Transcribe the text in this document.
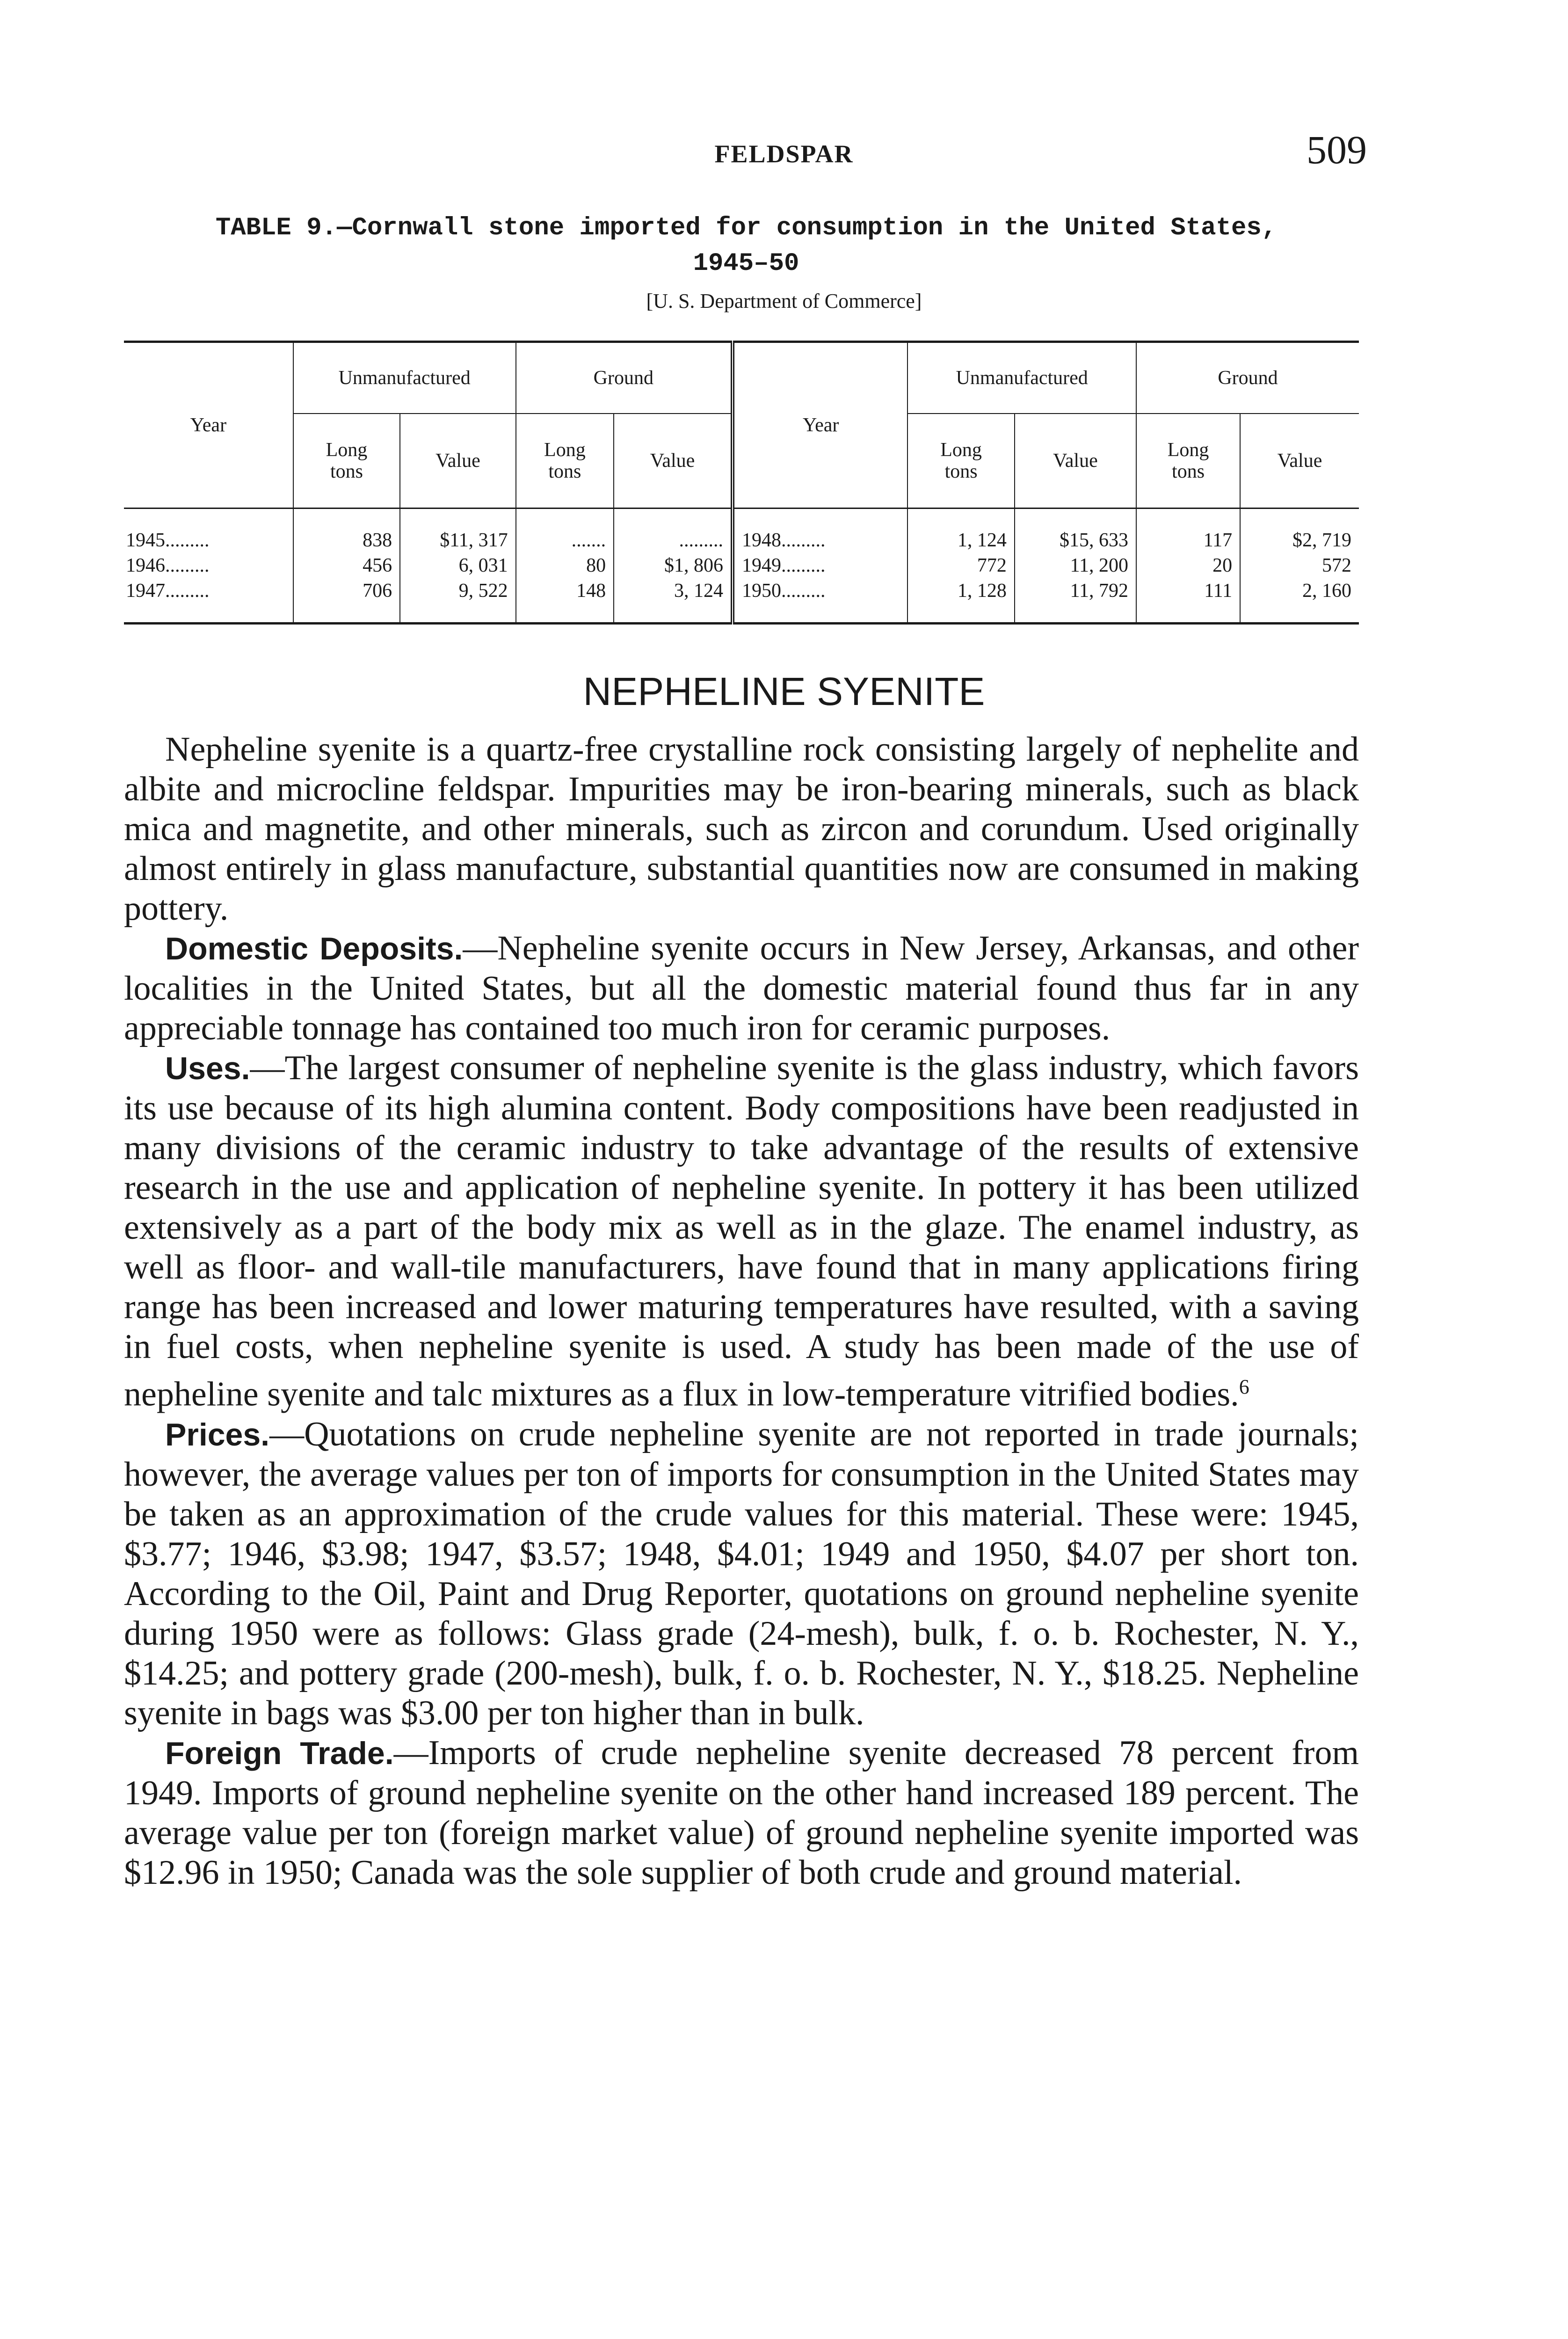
FELDSPAR	509
TABLE 9.—Cornwall stone imported for consumption in the United States,
1945–50
[U. S. Department of Commerce]
Year	Unmanufactured		Ground		Year	Unmanufactured		Ground	
	Long
tons	Value	Long
tons	Value		Long
tons	Value	Long
tons	Value

1945.........	838	$11, 317	.......	.........	1948.........	1, 124	$15, 633	117	$2, 719
1946.........	456	6, 031	80	$1, 806	1949.........	772	11, 200	20	572
1947.........	706	9, 522	148	3, 124	1950.........	1, 128	11, 792	111	2, 160

NEPHELINE SYENITE

Nepheline syenite is a quartz-free crystalline rock consisting largely of nephelite and albite and microcline feldspar. Impurities may be iron-bearing minerals, such as black mica and magnetite, and other minerals, such as zircon and corundum. Used originally almost entirely in glass manufacture, substantial quantities now are consumed in making pottery.

Domestic Deposits.—Nepheline syenite occurs in New Jersey, Arkansas, and other localities in the United States, but all the domestic material found thus far in any appreciable tonnage has contained too much iron for ceramic purposes.

Uses.—The largest consumer of nepheline syenite is the glass industry, which favors its use because of its high alumina content. Body compositions have been readjusted in many divisions of the ceramic industry to take advantage of the results of extensive research in the use and application of nepheline syenite. In pottery it has been utilized extensively as a part of the body mix as well as in the glaze. The enamel industry, as well as floor- and wall-tile manufacturers, have found that in many applications firing range has been increased and lower maturing temperatures have resulted, with a saving in fuel costs, when nepheline syenite is used. A study has been made of the use of nepheline syenite and talc mixtures as a flux in low-temperature vitrified bodies.$^6$

Prices.—Quotations on crude nepheline syenite are not reported in trade journals; however, the average values per ton of imports for consumption in the United States may be taken as an approximation of the crude values for this material. These were: 1945, $3.77; 1946, $3.98; 1947, $3.57; 1948, $4.01; 1949 and 1950, $4.07 per short ton. According to the Oil, Paint and Drug Reporter, quotations on ground nepheline syenite during 1950 were as follows: Glass grade (24-mesh), bulk, f. o. b. Rochester, N. Y., $14.25; and pottery grade (200-mesh), bulk, f. o. b. Rochester, N. Y., $18.25. Nepheline syenite in bags was $3.00 per ton higher than in bulk.

Foreign Trade.—Imports of crude nepheline syenite decreased 78 percent from 1949. Imports of ground nepheline syenite on the other hand increased 189 percent. The average value per ton (foreign market value) of ground nepheline syenite imported was $12.96 in 1950; Canada was the sole supplier of both crude and ground material.
